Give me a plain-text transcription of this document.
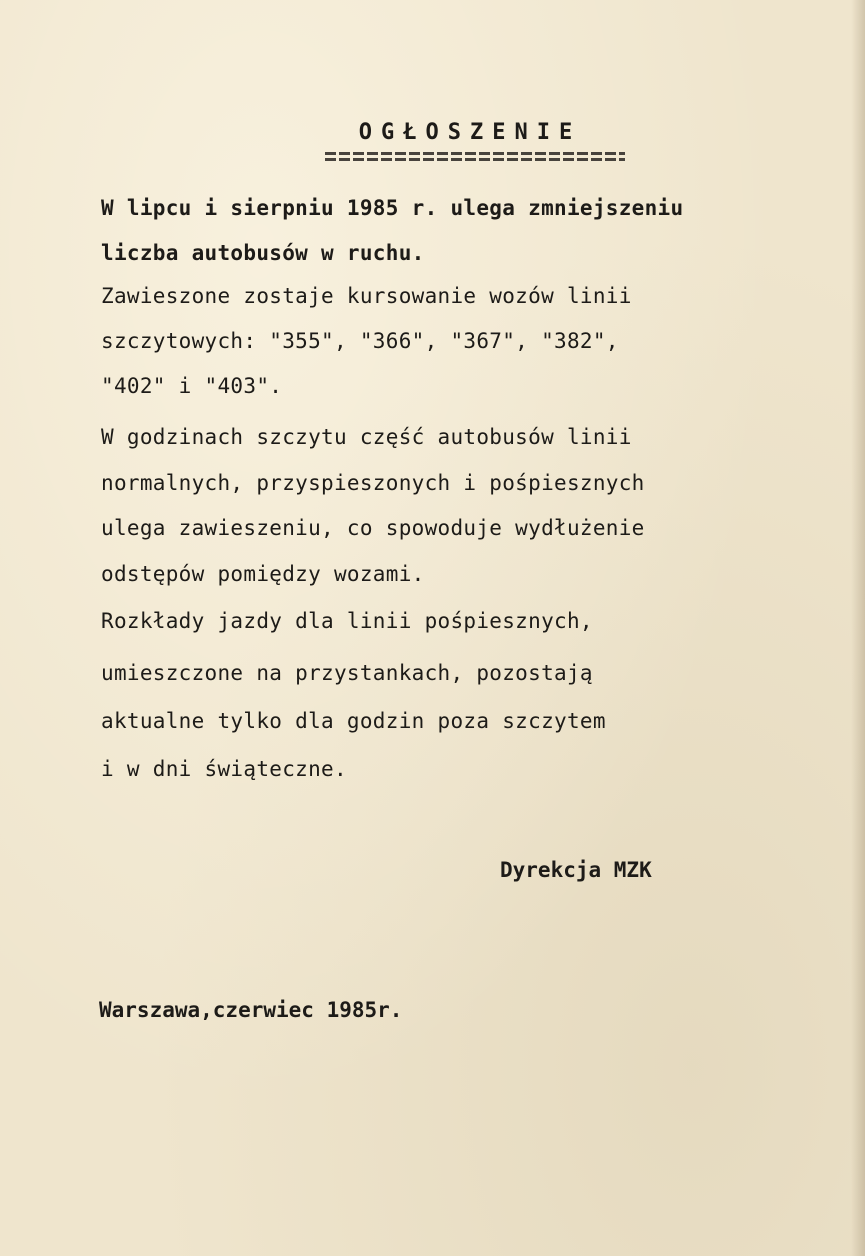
OGŁOSZENIE
W lipcu i sierpniu 1985 r. ulega zmniejszeniu
liczba autobusów w ruchu.
Zawieszone zostaje kursowanie wozów linii
szczytowych: "355", "366", "367", "382",
"402" i "403".
W godzinach szczytu część autobusów linii
normalnych, przyspieszonych i pośpiesznych
ulega zawieszeniu, co spowoduje wydłużenie
odstępów pomiędzy wozami.
Rozkłady jazdy dla linii pośpiesznych,
umieszczone na przystankach, pozostają
aktualne tylko dla godzin poza szczytem
i w dni świąteczne.
Dyrekcja MZK
Warszawa,czerwiec 1985r.
